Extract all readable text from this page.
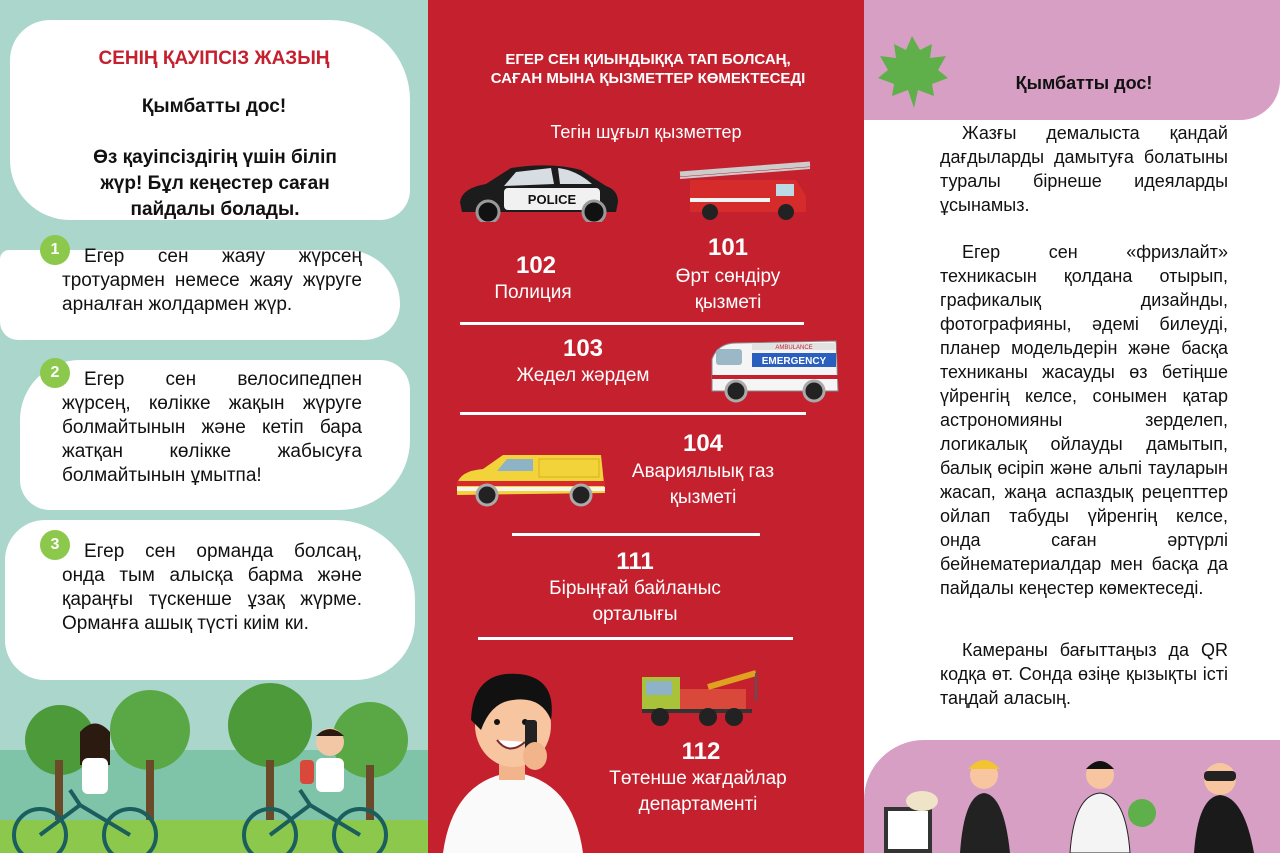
СЕНІҢ ҚАУІПСІЗ ЖАЗЫҢ
Қымбатты дос!
Өз қауіпсіздігің үшін біліп жүр! Бұл кеңестер саған пайдалы болады.
1	Егер сен жаяу жүрсең тротуармен немесе жаяу жүруге арналған жолдармен жүр.
2	Егер сен велосипедпен жүрсең, көлікке жақын жүруге болмайтынын және кетіп бара жатқан көлікке жабысуға болмайтынын ұмытпа!
3	Егер сен орманда болсаң, онда тым алысқа барма және қараңғы түскенше ұзақ жүрме. Орманға ашық түсті киім ки.
ЕГЕР СЕН ҚИЫНДЫҚҚА ТАП БОЛСАҢ, САҒАН МЫНА ҚЫЗМЕТТЕР КӨМЕКТЕСЕДІ
Тегін шұғыл қызметтер
POLICE
102
Полиция
101
Өрт сөндіру қызметі
103
Жедел жәрдем
AMBULANCE
EMERGENCY
104
Авариялыық газ қызметі
111
Бірыңғай байланыс орталығы
112
Төтенше жағдайлар департаменті
Қымбатты дос!
Жазғы демалыста қандай дағдыларды дамытуға болатыны туралы бірнеше идеяларды ұсынамыз.
Егер сен «фризлайт» техникасын қолдана отырып, графикалық дизайнды, фотографияны, әдемі билеуді, планер модельдерін және басқа техниканы жасауды өз бетіңше үйренгің келсе, сонымен қатар астрономияны зерделеп, логикалық ойлауды дамытып, балық өсіріп және альпі тауларын жасап, жаңа аспаздық рецепттер ойлап табуды үйренгің келсе, онда саған әртүрлі бейнематериалдар мен басқа да пайдалы кеңестер көмектеседі.
Камераны бағыттаңыз да QR кодқа өт. Сонда өзіңе қызықты істі таңдай аласың.
